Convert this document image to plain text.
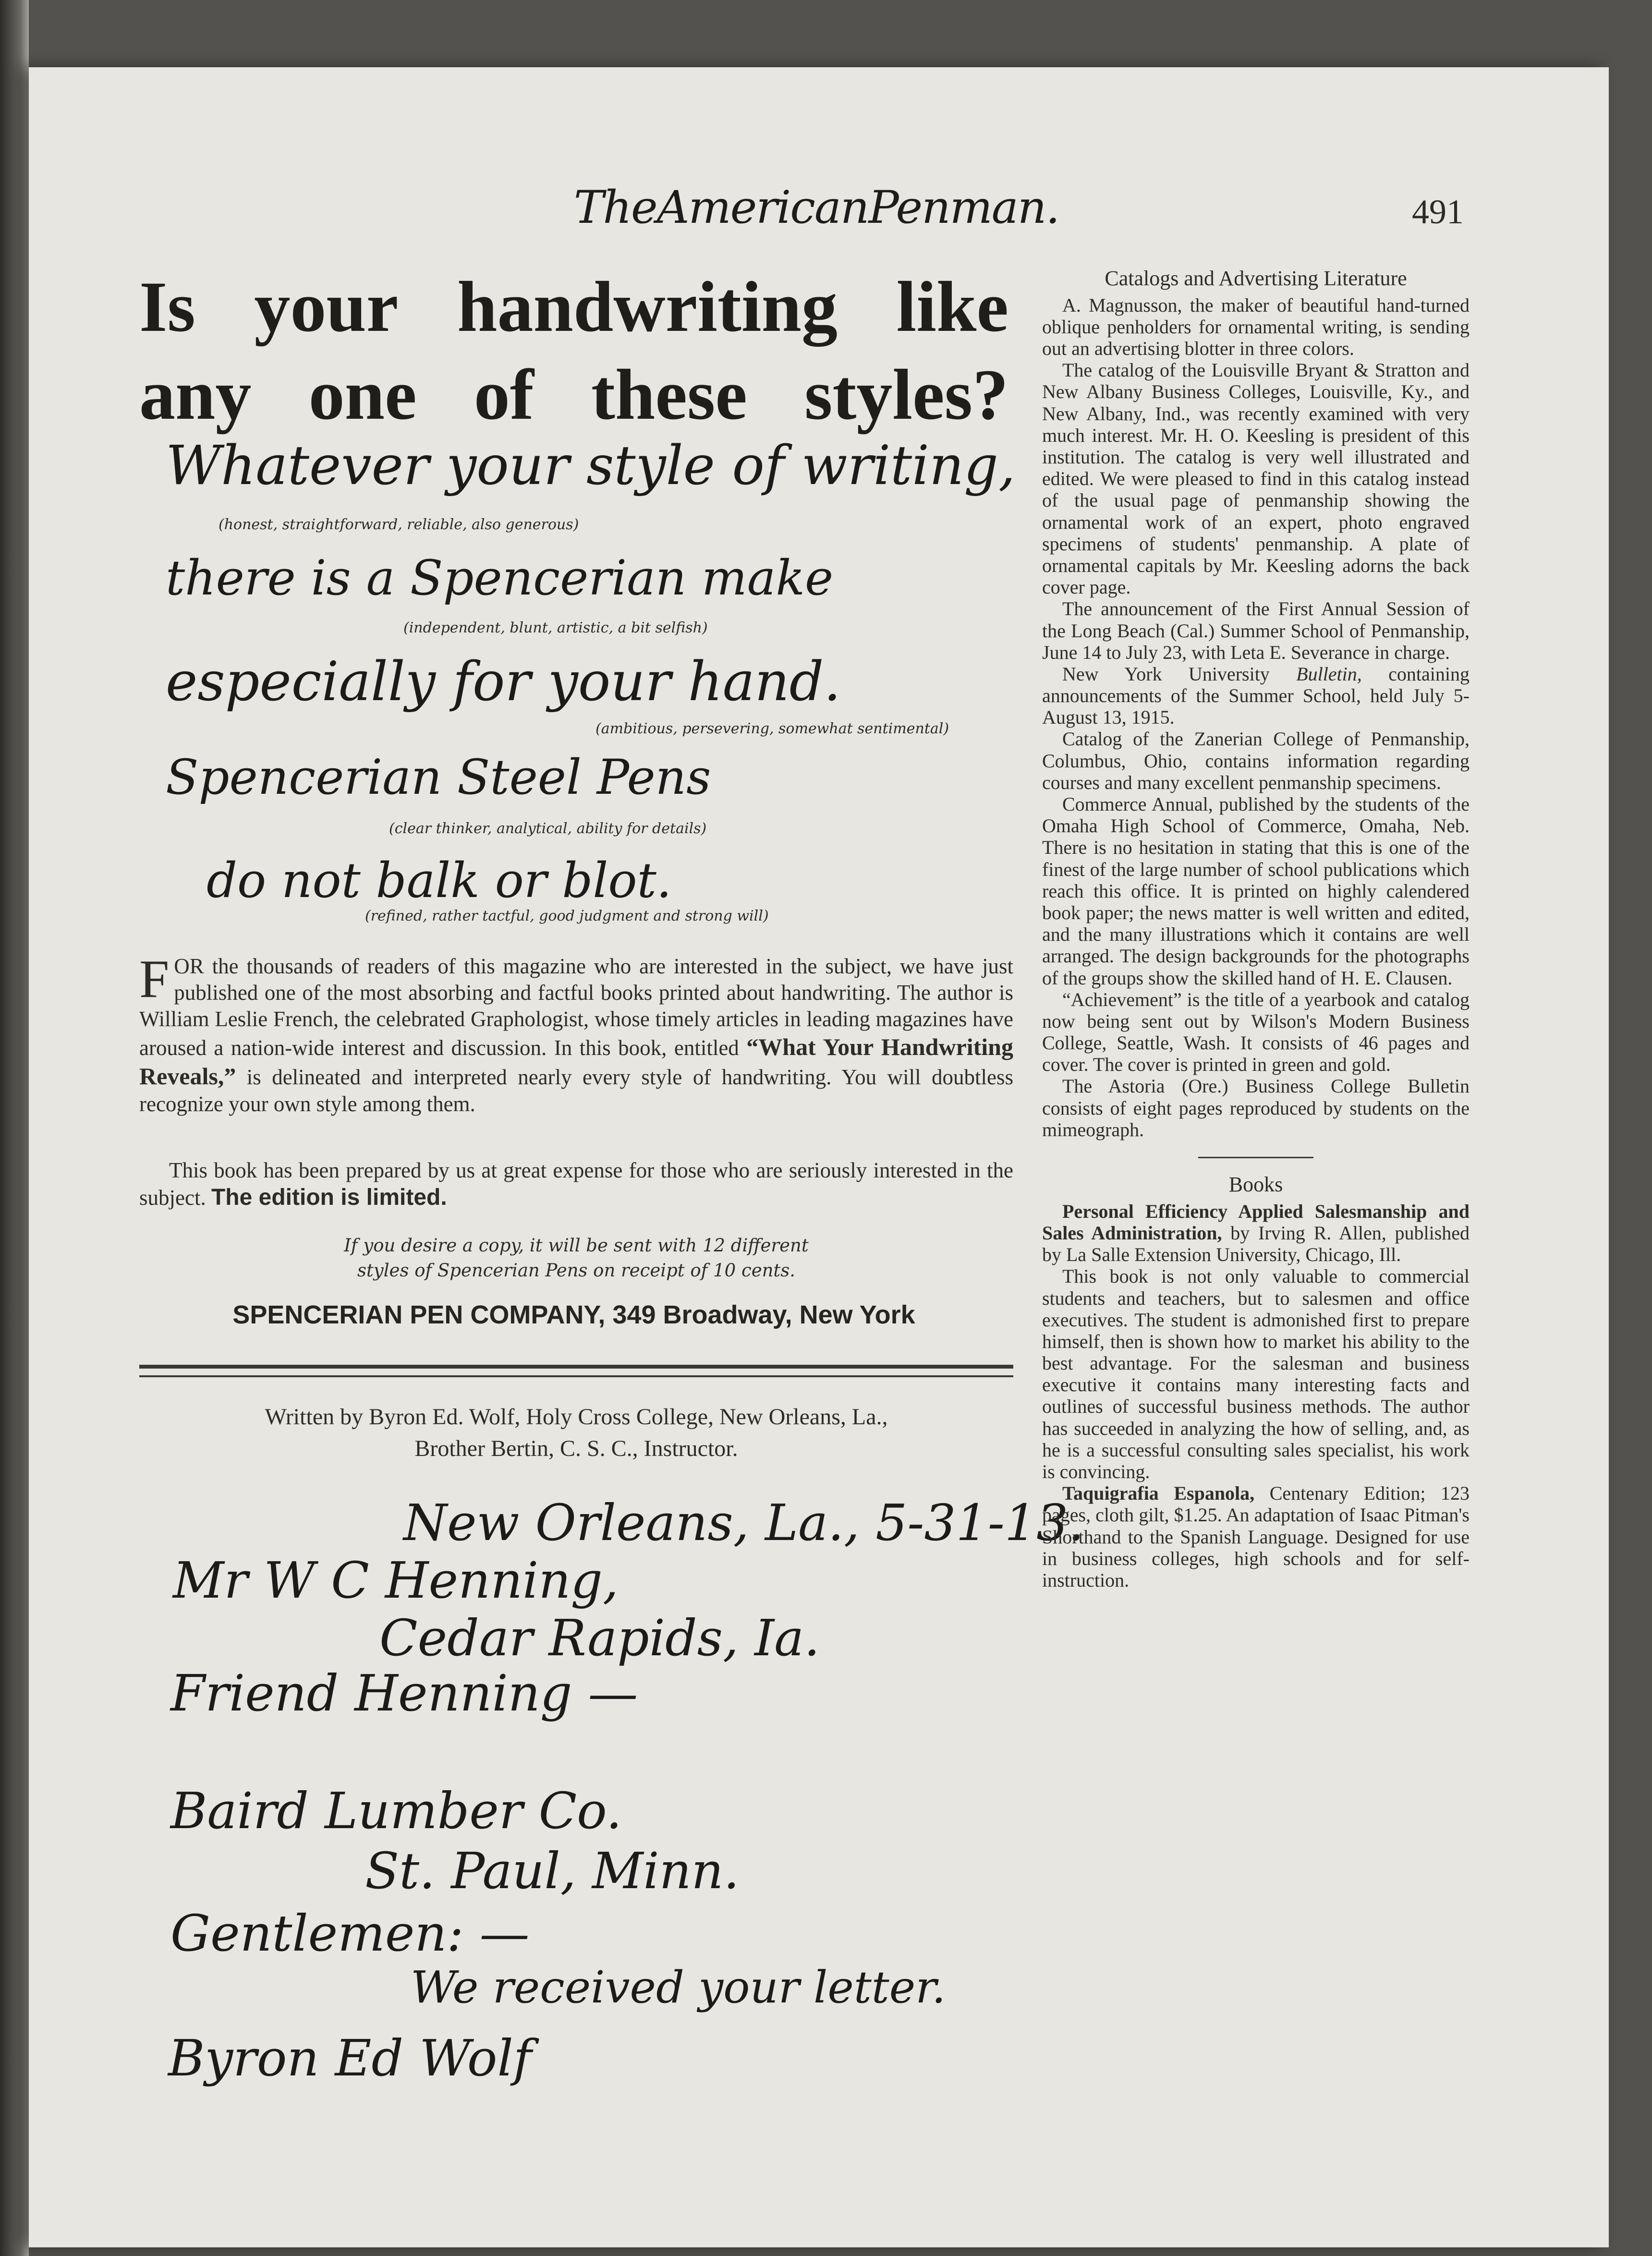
TheAmericanPenman.	491
Is your handwriting like
any one of these styles?
Whatever your style of writing,
(honest, straightforward, reliable, also generous)
there is a Spencerian make
(independent, blunt, artistic, a bit selfish)
especially for your hand.
(ambitious, persevering, somewhat sentimental)
Spencerian Steel Pens
(clear thinker, analytical, ability for details)
do not balk or blot.
(refined, rather tactful, good judgment and strong will)
F OR the thousands of readers of this magazine who are interested in the subject, we have just published one of the most absorbing and factful books printed about handwriting. The author is William Leslie French, the celebrated Graphologist, whose timely articles in leading magazines have aroused a nation-wide interest and discussion. In this book, entitled “What Your Handwriting Reveals,” is delineated and interpreted nearly every style of handwriting. You will doubtless recognize your own style among them.
This book has been prepared by us at great expense for those who are seriously interested in the subject. The edition is limited.
If you desire a copy, it will be sent with 12 different
styles of Spencerian Pens on receipt of 10 cents.
SPENCERIAN PEN COMPANY, 349 Broadway, New York
Written by Byron Ed. Wolf, Holy Cross College, New Orleans, La.,
Brother Bertin, C. S. C., Instructor.
New Orleans, La., 5-31-13.
Mr W C Henning,
Cedar Rapids, Ia.
Friend Henning —
Baird Lumber Co.
St. Paul, Minn.
Gentlemen: —
We received your letter.
Byron Ed Wolf

Catalogs and Advertising Literature

A. Magnusson, the maker of beautiful hand-turned oblique penholders for ornamental writing, is sending out an advertising blotter in three colors.

The catalog of the Louisville Bryant & Stratton and New Albany Business Colleges, Louisville, Ky., and New Albany, Ind., was recently examined with very much interest. Mr. H. O. Keesling is president of this institution. The catalog is very well illustrated and edited. We were pleased to find in this catalog instead of the usual page of penmanship showing the ornamental work of an expert, photo engraved specimens of students' penmanship. A plate of ornamental capitals by Mr. Keesling adorns the back cover page.

The announcement of the First Annual Session of the Long Beach (Cal.) Summer School of Penmanship, June 14 to July 23, with Leta E. Severance in charge.

New York University Bulletin, containing announcements of the Summer School, held July 5-August 13, 1915.

Catalog of the Zanerian College of Penmanship, Columbus, Ohio, contains information regarding courses and many excellent penmanship specimens.

Commerce Annual, published by the students of the Omaha High School of Commerce, Omaha, Neb. There is no hesitation in stating that this is one of the finest of the large number of school publications which reach this office. It is printed on highly calendered book paper; the news matter is well written and edited, and the many illustrations which it contains are well arranged. The design backgrounds for the photographs of the groups show the skilled hand of H. E. Clausen.

“Achievement” is the title of a yearbook and catalog now being sent out by Wilson's Modern Business College, Seattle, Wash. It consists of 46 pages and cover. The cover is printed in green and gold.

The Astoria (Ore.) Business College Bulletin consists of eight pages reproduced by students on the mimeograph.

Books

Personal Efficiency Applied Salesmanship and Sales Administration, by Irving R. Allen, published by La Salle Extension University, Chicago, Ill.

This book is not only valuable to commercial students and teachers, but to salesmen and office executives. The student is admonished first to prepare himself, then is shown how to market his ability to the best advantage. For the salesman and business executive it contains many interesting facts and outlines of successful business methods. The author has succeeded in analyzing the how of selling, and, as he is a successful consulting sales specialist, his work is convincing.

Taquigrafia Espanola, Centenary Edition; 123 pages, cloth gilt, $1.25. An adaptation of Isaac Pitman's Shorthand to the Spanish Language. Designed for use in business colleges, high schools and for self-instruction.
